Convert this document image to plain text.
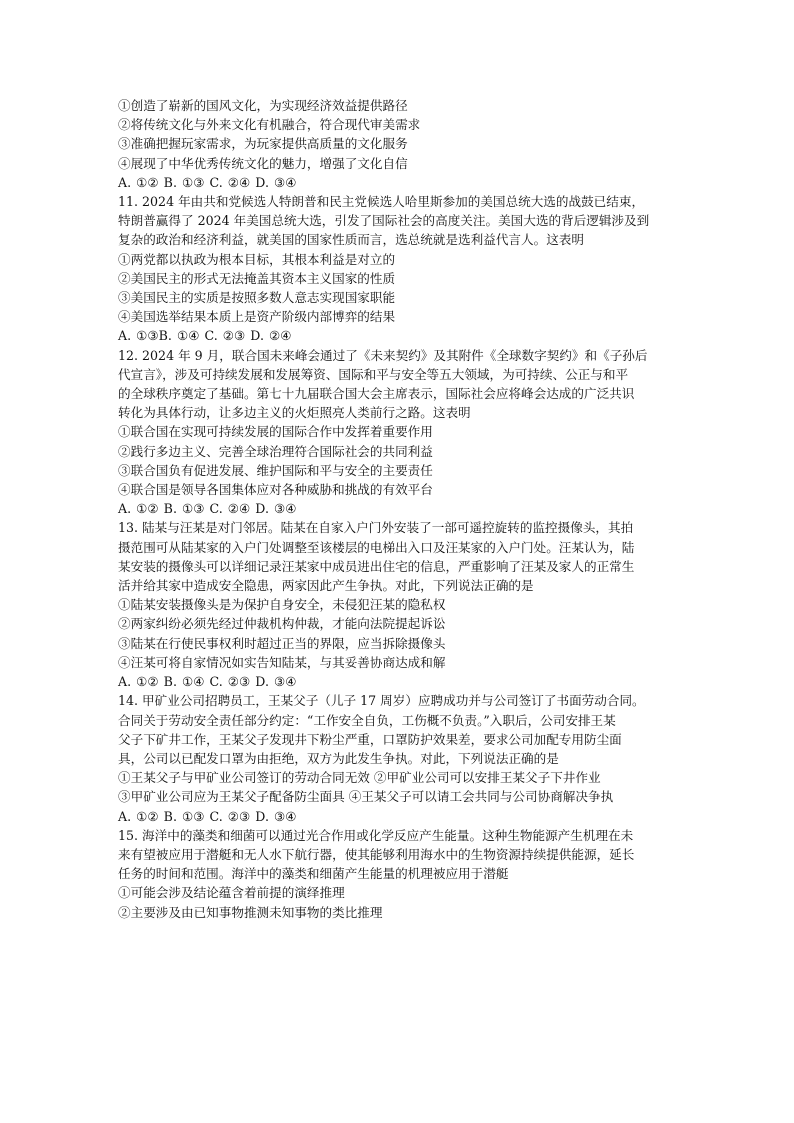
①创造了崭新的国风文化，为实现经济效益提供路径
②将传统文化与外来文化有机融合，符合现代审美需求
③准确把握玩家需求，为玩家提供高质量的文化服务
④展现了中华优秀传统文化的魅力，增强了文化自信
A. ①② B. ①③ C. ②④ D. ③④
11. 2024 年由共和党候选人特朗普和民主党候选人哈里斯参加的美国总统大选的战鼓已结束，
特朗普赢得了 2024 年美国总统大选，引发了国际社会的高度关注。美国大选的背后逻辑涉及到
复杂的政治和经济利益，就美国的国家性质而言，选总统就是选利益代言人。这表明
①两党都以执政为根本目标，其根本利益是对立的
②美国民主的形式无法掩盖其资本主义国家的性质
③美国民主的实质是按照多数人意志实现国家职能
④美国选举结果本质上是资产阶级内部博弈的结果
A. ①③B. ①④ C. ②③ D. ②④
12. 2024 年 9 月，联合国未来峰会通过了《未来契约》及其附件《全球数字契约》和《子孙后
代宣言》，涉及可持续发展和发展筹资、国际和平与安全等五大领域，为可持续、公正与和平
的全球秩序奠定了基础。第七十九届联合国大会主席表示，国际社会应将峰会达成的广泛共识
转化为具体行动，让多边主义的火炬照亮人类前行之路。这表明
①联合国在实现可持续发展的国际合作中发挥着重要作用
②践行多边主义、完善全球治理符合国际社会的共同利益
③联合国负有促进发展、维护国际和平与安全的主要责任
④联合国是领导各国集体应对各种威胁和挑战的有效平台
A. ①② B. ①③ C. ②④ D. ③④
13. 陆某与汪某是对门邻居。陆某在自家入户门外安装了一部可遥控旋转的监控摄像头，其拍
摄范围可从陆某家的入户门处调整至该楼层的电梯出入口及汪某家的入户门处。汪某认为，陆
某安装的摄像头可以详细记录汪某家中成员进出住宅的信息，严重影响了汪某及家人的正常生
活并给其家中造成安全隐患，两家因此产生争执。对此，下列说法正确的是
①陆某安装摄像头是为保护自身安全，未侵犯汪某的隐私权
②两家纠纷必须先经过仲裁机构仲裁，才能向法院提起诉讼
③陆某在行使民事权利时超过正当的界限，应当拆除摄像头
④汪某可将自家情况如实告知陆某，与其妥善协商达成和解
A. ①② B. ①④ C. ②③ D. ③④
14. 甲矿业公司招聘员工，王某父子（儿子 17 周岁）应聘成功并与公司签订了书面劳动合同。
合同关于劳动安全责任部分约定：“工作安全自负，工伤概不负责。”入职后，公司安排王某
父子下矿井工作，王某父子发现井下粉尘严重，口罩防护效果差，要求公司加配专用防尘面
具，公司以已配发口罩为由拒绝，双方为此发生争执。对此，下列说法正确的是
①王某父子与甲矿业公司签订的劳动合同无效 ②甲矿业公司可以安排王某父子下井作业
③甲矿业公司应为王某父子配备防尘面具 ④王某父子可以请工会共同与公司协商解决争执
A. ①② B. ①③ C. ②③ D. ③④
15. 海洋中的藻类和细菌可以通过光合作用或化学反应产生能量。这种生物能源产生机理在未
来有望被应用于潜艇和无人水下航行器，使其能够利用海水中的生物资源持续提供能源，延长
任务的时间和范围。海洋中的藻类和细菌产生能量的机理被应用于潜艇
①可能会涉及结论蕴含着前提的演绎推理
②主要涉及由已知事物推测未知事物的类比推理
